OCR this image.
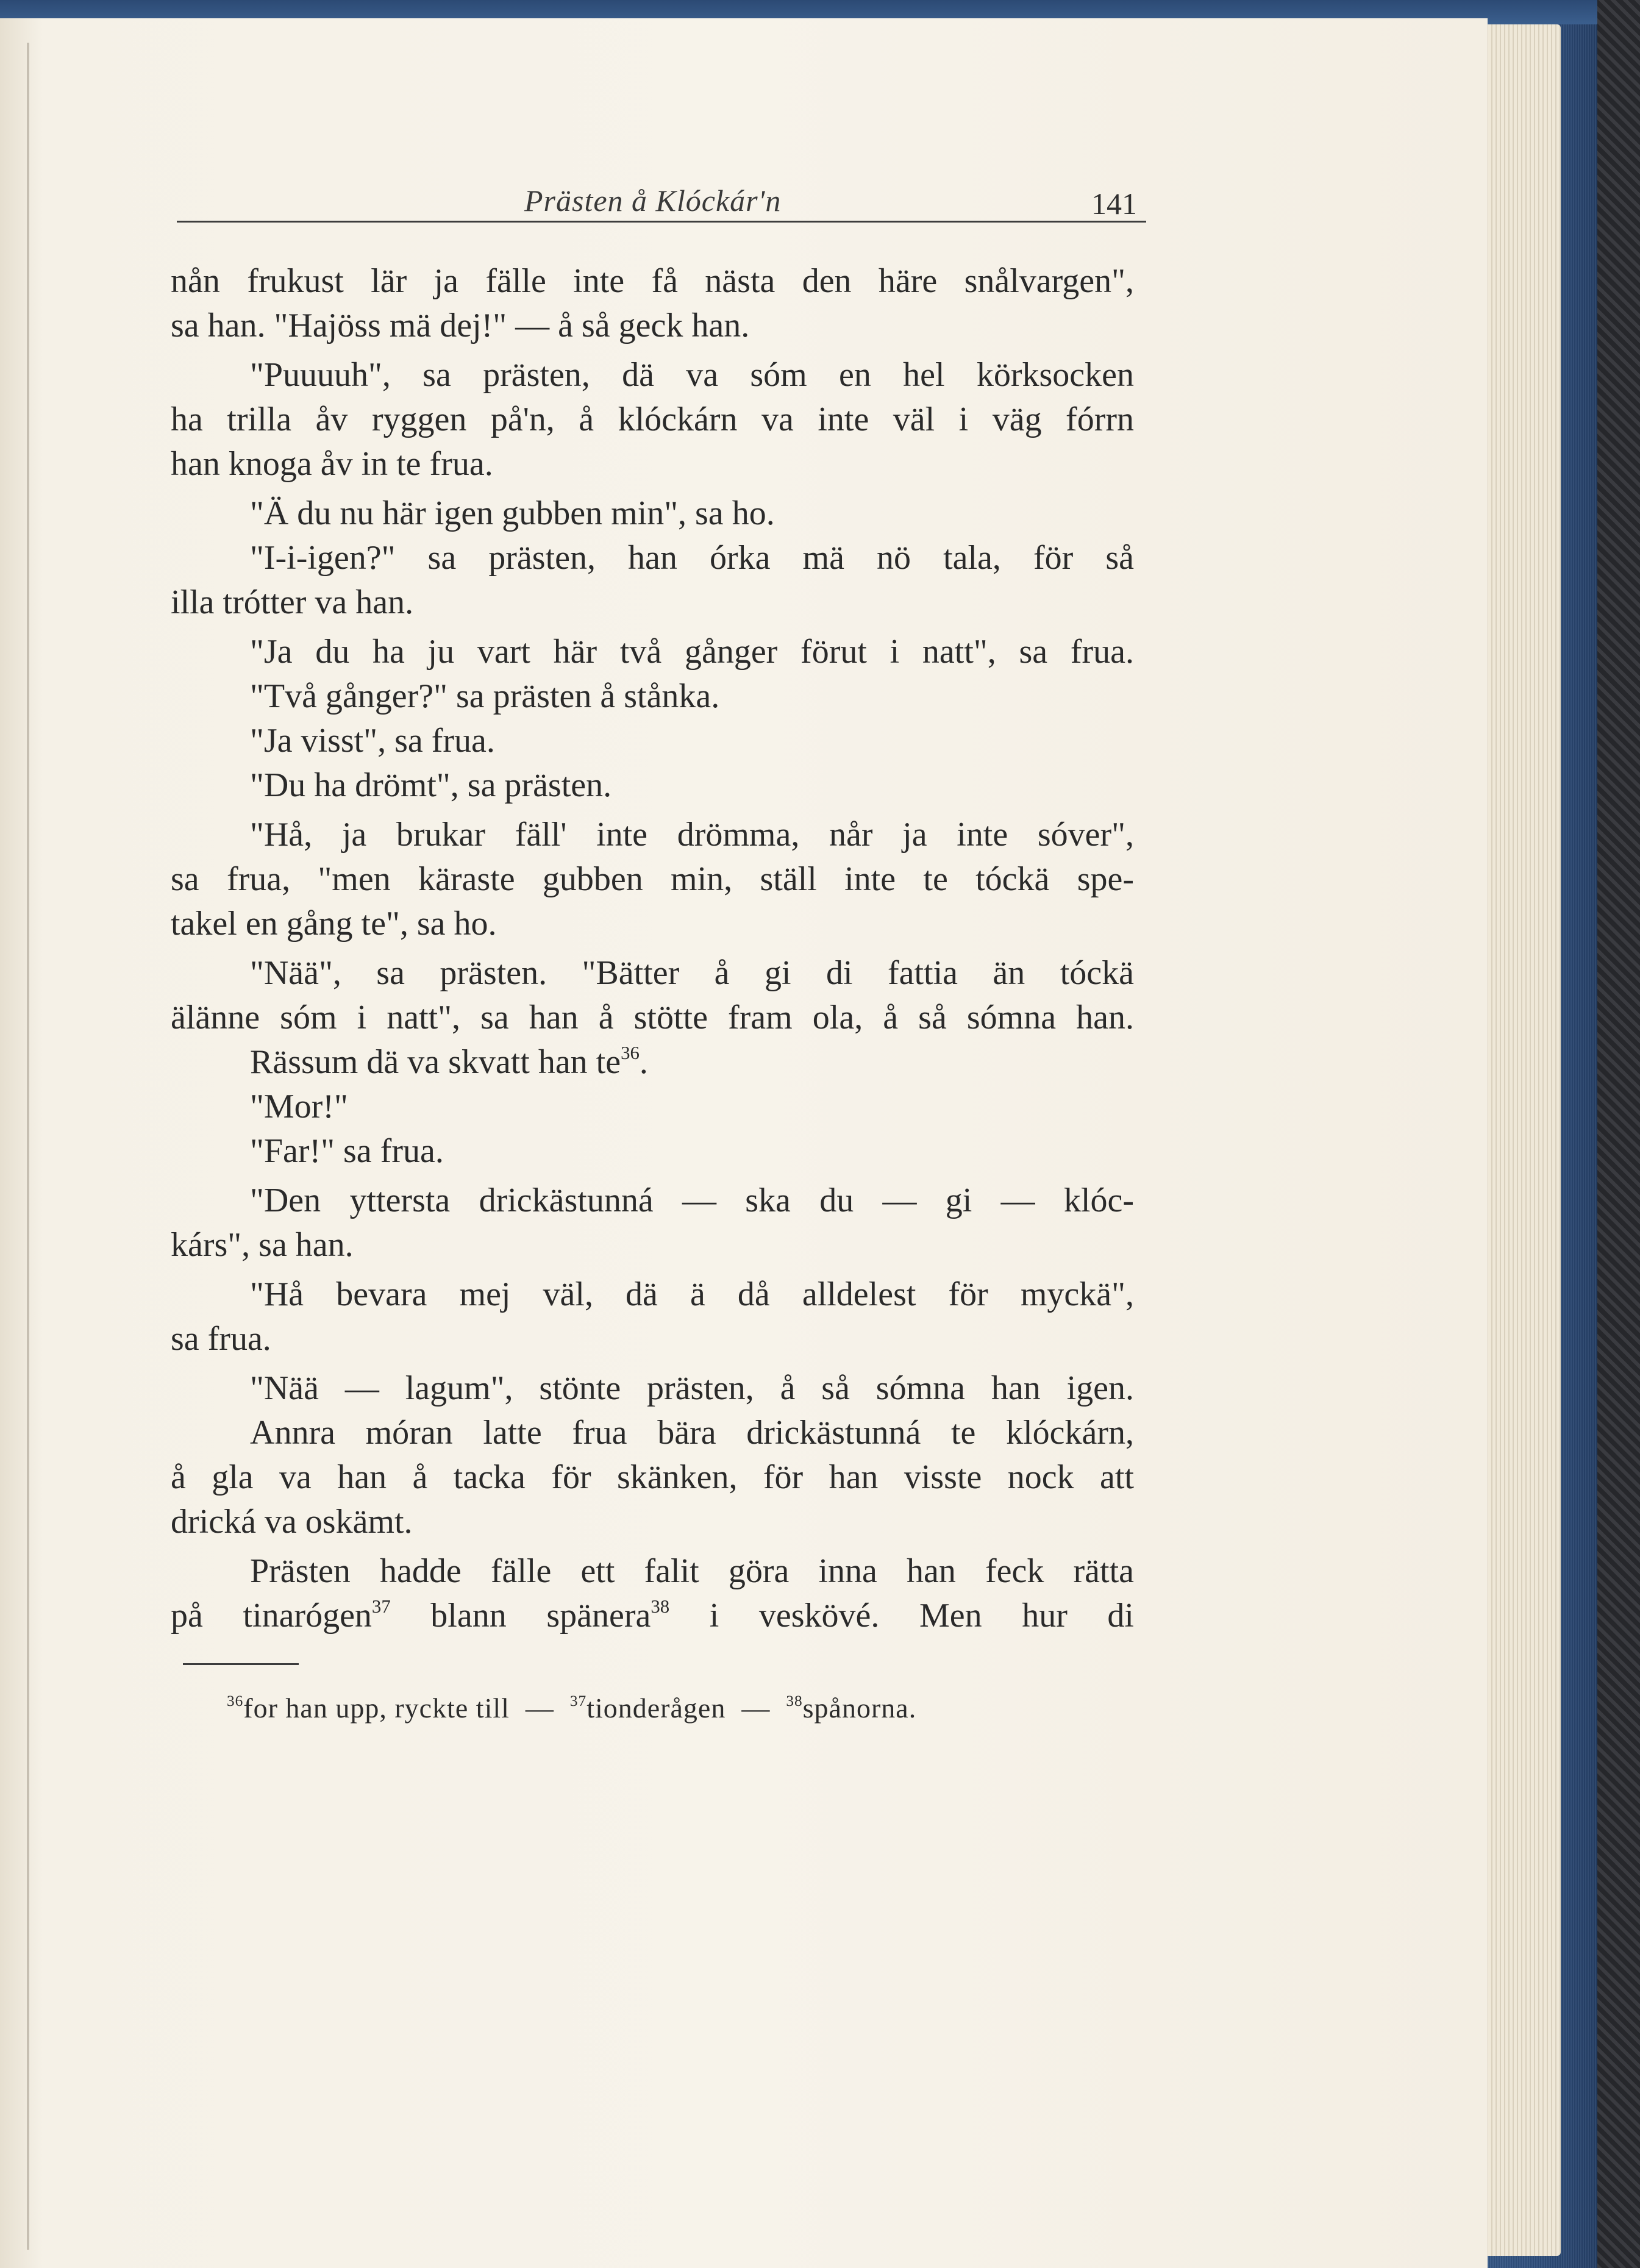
Prästen å Klóckár'n	141
nån frukust lär ja fälle inte få nästa den häre snålvargen",
sa han. "Hajöss mä dej!" — å så geck han.
"Puuuuh", sa prästen, dä va sóm en hel körksocken
ha trilla åv ryggen på'n, å klóckárn va inte väl i väg fórrn
han knoga åv in te frua.
"Ä du nu här igen gubben min", sa ho.
"I-i-igen?" sa prästen, han órka mä nö tala, för så
illa trótter va han.
"Ja du ha ju vart här två gånger förut i natt", sa frua.
"Två gånger?" sa prästen å stånka.
"Ja visst", sa frua.
"Du ha drömt", sa prästen.
"Hå, ja brukar fäll' inte drömma, når ja inte sóver",
sa frua, "men käraste gubben min, ställ inte te tóckä spe-
takel en gång te", sa ho.
"Nää", sa prästen. "Bätter å gi di fattia än tóckä
älänne sóm i natt", sa han å stötte fram ola, å så sómna han.
Rässum dä va skvatt han $te^{36}$.
"Mor!"
"Far!" sa frua.
"Den yttersta drickästunná — ska du — gi — klóc-
kárs", sa han.
"Hå bevara mej väl, dä ä då alldelest för myckä",
sa frua.
"Nää — lagum", stönte prästen, å så sómna han igen.
Annra móran latte frua bära drickästunná te klóckárn,
å gla va han å tacka för skänken, för han visste nock att
drická va oskämt.
Prästen hadde fälle ett falit göra inna han feck rätta
på tinarógen$^{37}$ blann spänera$^{38}$ i veskövé. Men hur di
$^{36}$for han upp, ryckte till — $^{37}$tionderågen — $^{38}$spånorna.
